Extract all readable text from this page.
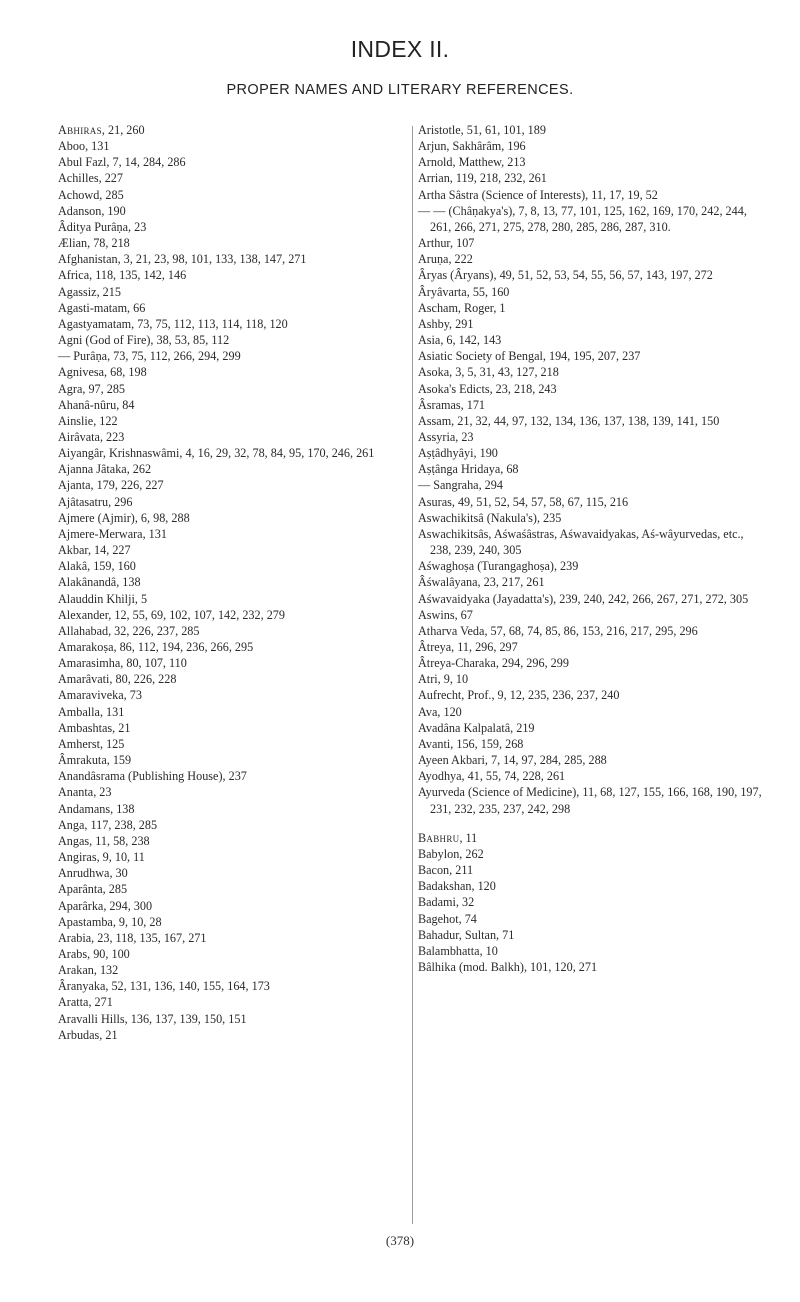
INDEX II.
PROPER NAMES AND LITERARY REFERENCES.
Abhiras, 21, 260
Aboo, 131
Abul Fazl, 7, 14, 284, 286
Achilles, 227
Achowd, 285
Adanson, 190
Âditya Purâṇa, 23
Ælian, 78, 218
Afghanistan, 3, 21, 23, 98, 101, 133, 138, 147, 271
Africa, 118, 135, 142, 146
Agassiz, 215
Agasti-matam, 66
Agastyamatam, 73, 75, 112, 113, 114, 118, 120
Agni (God of Fire), 38, 53, 85, 112
— Purâṇa, 73, 75, 112, 266, 294, 299
Agnivesa, 68, 198
Agra, 97, 285
Ahanâ-nûru, 84
Ainslie, 122
Airâvata, 223
Aiyangâr, Krishnaswâmi, 4, 16, 29, 32, 78, 84, 95, 170, 246, 261
Ajanna Jâtaka, 262
Ajanta, 179, 226, 227
Ajâtasatru, 296
Ajmere (Ajmir), 6, 98, 288
Ajmere-Merwara, 131
Akbar, 14, 227
Alakâ, 159, 160
Alakânandâ, 138
Alauddin Khilji, 5
Alexander, 12, 55, 69, 102, 107, 142, 232, 279
Allahabad, 32, 226, 237, 285
Amarakoṣa, 86, 112, 194, 236, 266, 295
Amarasimha, 80, 107, 110
Amarâvati, 80, 226, 228
Amaraviveka, 73
Amballa, 131
Ambashtas, 21
Amherst, 125
Âmrakuta, 159
Anandâsrama (Publishing House), 237
Ananta, 23
Andamans, 138
Anga, 117, 238, 285
Angas, 11, 58, 238
Angiras, 9, 10, 11
Anrudhwa, 30
Aparânta, 285
Aparârka, 294, 300
Apastamba, 9, 10, 28
Arabia, 23, 118, 135, 167, 271
Arabs, 90, 100
Arakan, 132
Âranyaka, 52, 131, 136, 140, 155, 164, 173
Aratta, 271
Aravalli Hills, 136, 137, 139, 150, 151
Arbudas, 21
Aristotle, 51, 61, 101, 189
Arjun, Sakhârâm, 196
Arnold, Matthew, 213
Arrian, 119, 218, 232, 261
Artha Sâstra (Science of Interests), 11, 17, 19, 52
— — (Châṇakya's), 7, 8, 13, 77, 101, 125, 162, 169, 170, 242, 244, 261, 266, 271, 275, 278, 280, 285, 286, 287, 310.
Arthur, 107
Aruṇa, 222
Âryas (Âryans), 49, 51, 52, 53, 54, 55, 56, 57, 143, 197, 272
Âryâvarta, 55, 160
Ascham, Roger, 1
Ashby, 291
Asia, 6, 142, 143
Asiatic Society of Bengal, 194, 195, 207, 237
Asoka, 3, 5, 31, 43, 127, 218
Asoka's Edicts, 23, 218, 243
Âsramas, 171
Assam, 21, 32, 44, 97, 132, 134, 136, 137, 138, 139, 141, 150
Assyria, 23
Aṣṭâdhyâyi, 190
Aṣṭânga Hridaya, 68
— Sangraha, 294
Asuras, 49, 51, 52, 54, 57, 58, 67, 115, 216
Aswachikitsâ (Nakula's), 235
Aswachikitsâs, Aśwaśâstras, Aśwavaidyakas, Aś-wâyurvedas, etc., 238, 239, 240, 305
Aśwaghoṣa (Turangaghoṣa), 239
Âśwalâyana, 23, 217, 261
Aśwavaidyaka (Jayadatta's), 239, 240, 242, 266, 267, 271, 272, 305
Aswins, 67
Atharva Veda, 57, 68, 74, 85, 86, 153, 216, 217, 295, 296
Âtreya, 11, 296, 297
Âtreya-Charaka, 294, 296, 299
Atri, 9, 10
Aufrecht, Prof., 9, 12, 235, 236, 237, 240
Ava, 120
Avadâna Kalpalatâ, 219
Avanti, 156, 159, 268
Ayeen Akbari, 7, 14, 97, 284, 285, 288
Ayodhya, 41, 55, 74, 228, 261
Ayurveda (Science of Medicine), 11, 68, 127, 155, 166, 168, 190, 197, 231, 232, 235, 237, 242, 298
Babhru, 11
Babylon, 262
Bacon, 211
Badakshan, 120
Badami, 32
Bagehot, 74
Bahadur, Sultan, 71
Balambhatta, 10
Bâlhika (mod. Balkh), 101, 120, 271
(378)
